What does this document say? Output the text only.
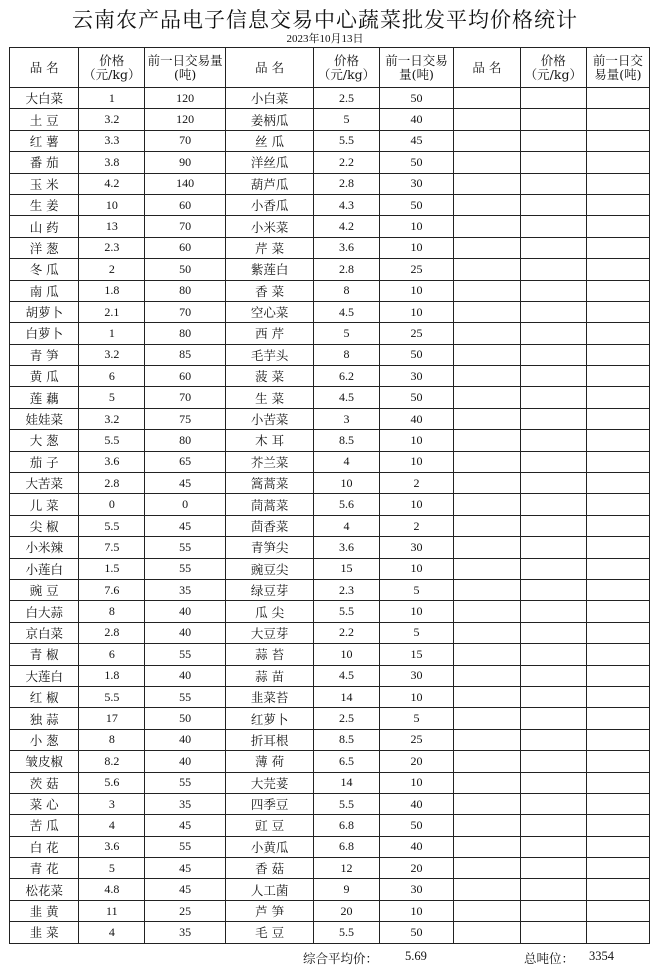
云南农产品电子信息交易中心蔬菜批发平均价格统计
2023年10月13日
品 名	价格（元/kg）	前一日交易量(吨)	品 名	价格（元/kg）	前一日交易量(吨)	品 名	价格（元/kg）	前一日交易量(吨)
大白菜	1	120	小白菜	2.5	50			
土 豆	3.2	120	姜柄瓜	5	40			
红 薯	3.3	70	丝 瓜	5.5	45			
番 茄	3.8	90	洋丝瓜	2.2	50			
玉 米	4.2	140	葫芦瓜	2.8	30			
生 姜	10	60	小香瓜	4.3	50			
山 药	13	70	小米菜	4.2	10			
洋 葱	2.3	60	芹 菜	3.6	10			
冬 瓜	2	50	紫莲白	2.8	25			
南 瓜	1.8	80	香 菜	8	10			
胡萝卜	2.1	70	空心菜	4.5	10			
白萝卜	1	80	西 芹	5	25			
青 笋	3.2	85	毛芋头	8	50			
黄 瓜	6	60	菠 菜	6.2	30			
莲 藕	5	70	生 菜	4.5	50			
娃娃菜	3.2	75	小苦菜	3	40			
大 葱	5.5	80	木 耳	8.5	10			
茄 子	3.6	65	芥兰菜	4	10			
大苦菜	2.8	45	篙蒿菜	10	2			
儿 菜	0	0	茼蒿菜	5.6	10			
尖 椒	5.5	45	茴香菜	4	2			
小米辣	7.5	55	青笋尖	3.6	30			
小莲白	1.5	55	豌豆尖	15	10			
豌 豆	7.6	35	绿豆芽	2.3	5			
白大蒜	8	40	瓜 尖	5.5	10			
京白菜	2.8	40	大豆芽	2.2	5			
青 椒	6	55	蒜 苔	10	15			
大莲白	1.8	40	蒜 苗	4.5	30			
红 椒	5.5	55	韭菜苔	14	10			
独 蒜	17	50	红萝卜	2.5	5			
小 葱	8	40	折耳根	8.5	25			
皱皮椒	8.2	40	薄 荷	6.5	20			
茨 菇	5.6	55	大芫荽	14	10			
菜 心	3	35	四季豆	5.5	40			
苦 瓜	4	45	豇 豆	6.8	50			
白 花	3.6	55	小黄瓜	6.8	40			
青 花	5	45	香 菇	12	20			
松花菜	4.8	45	人工菌	9	30			
韭 黄	11	25	芦 笋	20	10			
韭 菜	4	35	毛 豆	5.5	50			
综合平均价： 5.69	总吨位： 3354
